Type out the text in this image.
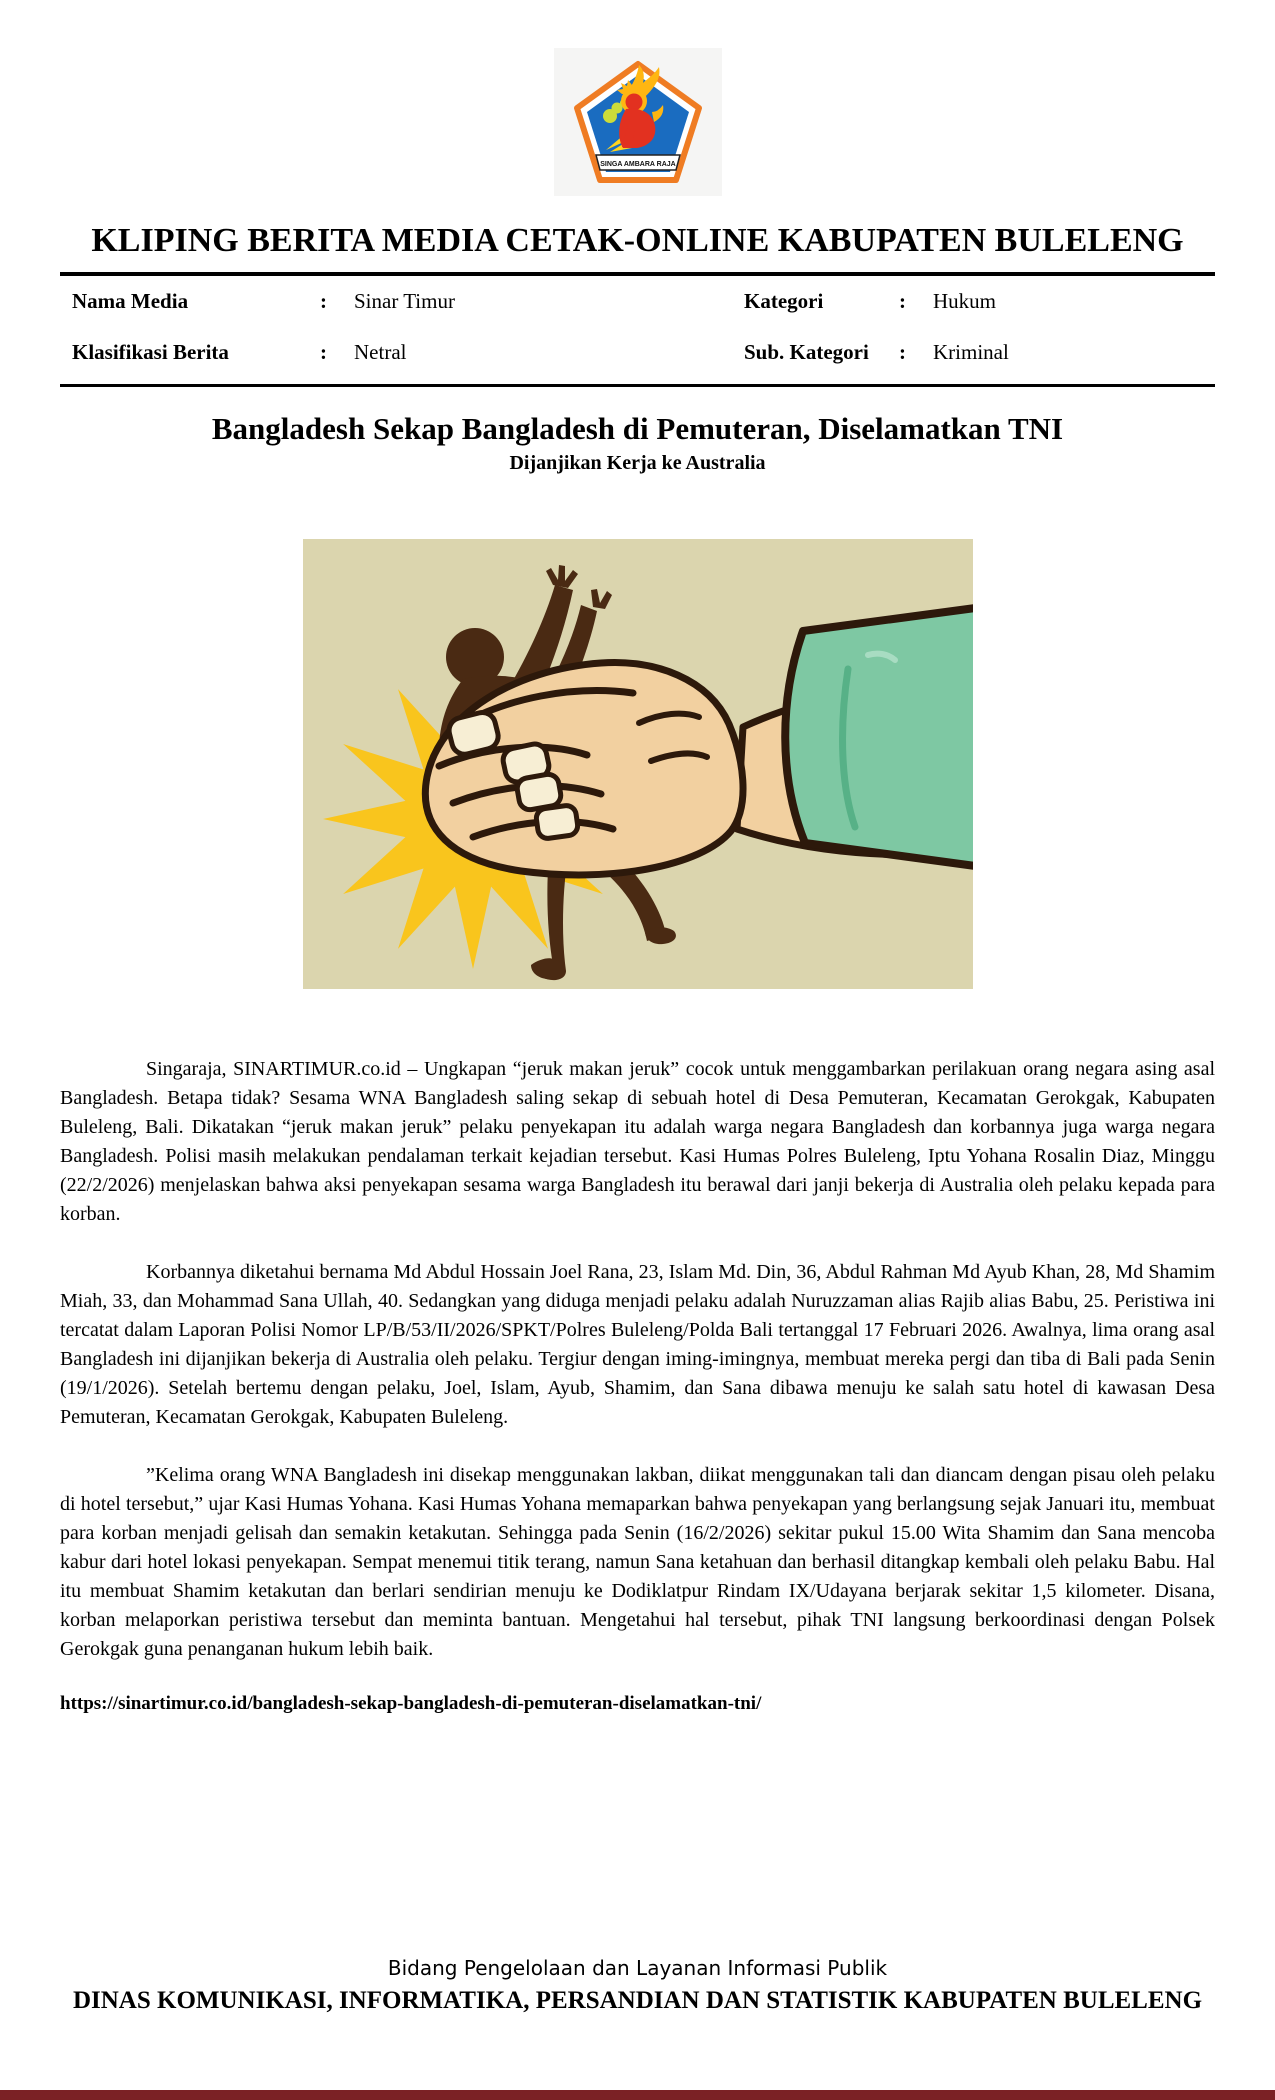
SINGA AMBARA RAJA
KLIPING BERITA MEDIA CETAK-ONLINE KABUPATEN BULELENG
Nama Media	:	Sinar Timur	Kategori	:	Hukum
Klasifikasi Berita	:	Netral	Sub. Kategori	:	Kriminal
Bangladesh Sekap Bangladesh di Pemuteran, Diselamatkan TNI
Dijanjikan Kerja ke Australia

Singaraja, SINARTIMUR.co.id – Ungkapan “jeruk makan jeruk” cocok untuk menggambarkan perilakuan orang negara asing asal Bangladesh. Betapa tidak? Sesama WNA Bangladesh saling sekap di sebuah hotel di Desa Pemuteran, Kecamatan Gerokgak, Kabupaten Buleleng, Bali. Dikatakan “jeruk makan jeruk” pelaku penyekapan itu adalah warga negara Bangladesh dan korbannya juga warga negara Bangladesh. Polisi masih melakukan pendalaman terkait kejadian tersebut. Kasi Humas Polres Buleleng, Iptu Yohana Rosalin Diaz, Minggu (22/2/2026) menjelaskan bahwa aksi penyekapan sesama warga Bangladesh itu berawal dari janji bekerja di Australia oleh pelaku kepada para korban.

Korbannya diketahui bernama Md Abdul Hossain Joel Rana, 23, Islam Md. Din, 36, Abdul Rahman Md Ayub Khan, 28, Md Shamim Miah, 33, dan Mohammad Sana Ullah, 40. Sedangkan yang diduga menjadi pelaku adalah Nuruzzaman alias Rajib alias Babu, 25. Peristiwa ini tercatat dalam Laporan Polisi Nomor LP/B/53/II/2026/SPKT/Polres Buleleng/Polda Bali tertanggal 17 Februari 2026. Awalnya, lima orang asal Bangladesh ini dijanjikan bekerja di Australia oleh pelaku. Tergiur dengan iming-imingnya, membuat mereka pergi dan tiba di Bali pada Senin (19/1/2026). Setelah bertemu dengan pelaku, Joel, Islam, Ayub, Shamim, dan Sana dibawa menuju ke salah satu hotel di kawasan Desa Pemuteran, Kecamatan Gerokgak, Kabupaten Buleleng.

”Kelima orang WNA Bangladesh ini disekap menggunakan lakban, diikat menggunakan tali dan diancam dengan pisau oleh pelaku di hotel tersebut,” ujar Kasi Humas Yohana. Kasi Humas Yohana memaparkan bahwa penyekapan yang berlangsung sejak Januari itu, membuat para korban menjadi gelisah dan semakin ketakutan. Sehingga pada Senin (16/2/2026) sekitar pukul 15.00 Wita Shamim dan Sana mencoba kabur dari hotel lokasi penyekapan. Sempat menemui titik terang, namun Sana ketahuan dan berhasil ditangkap kembali oleh pelaku Babu. Hal itu membuat Shamim ketakutan dan berlari sendirian menuju ke Dodiklatpur Rindam IX/Udayana berjarak sekitar 1,5 kilometer. Disana, korban melaporkan peristiwa tersebut dan meminta bantuan. Mengetahui hal tersebut, pihak TNI langsung berkoordinasi dengan Polsek Gerokgak guna penanganan hukum lebih baik.

https://sinartimur.co.id/bangladesh-sekap-bangladesh-di-pemuteran-diselamatkan-tni/
Bidang Pengelolaan dan Layanan Informasi Publik
DINAS KOMUNIKASI, INFORMATIKA, PERSANDIAN DAN STATISTIK KABUPATEN BULELENG
